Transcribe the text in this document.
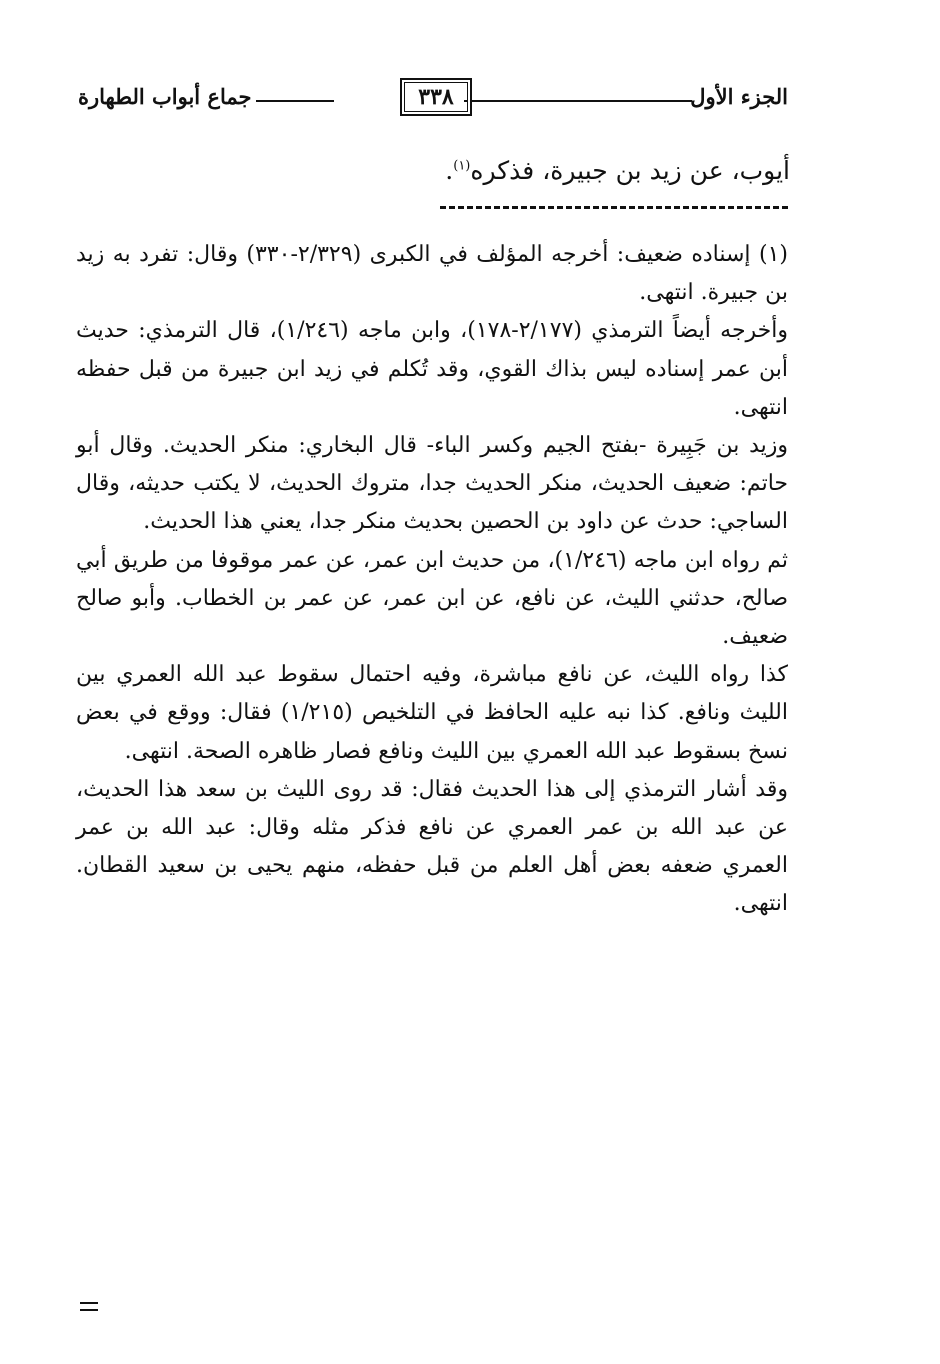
الجزء الأول
٣٣٨
جماع أبواب الطهارة
أيوب، عن زيد بن جبيرة، فذكره$^{(١)}$.

(١) إسناده ضعيف: أخرجه المؤلف في الكبرى (٢/٣٢٩-٣٣٠) وقال: تفرد به زيد بن جبيرة. انتهى.

وأخرجه أيضاً الترمذي (٢/١٧٧-١٧٨)، وابن ماجه (١/٢٤٦)، قال الترمذي: حديث أبن عمر إسناده ليس بذاك القوي، وقد تُكلم في زيد ابن جبيرة من قبل حفظه انتهى.

وزيد بن جَبِيرة -بفتح الجيم وكسر الباء- قال البخاري: منكر الحديث. وقال أبو حاتم: ضعيف الحديث، منكر الحديث جدا، متروك الحديث، لا يكتب حديثه، وقال الساجي: حدث عن داود بن الحصين بحديث منكر جدا، يعني هذا الحديث.

ثم رواه ابن ماجه (١/٢٤٦)، من حديث ابن عمر، عن عمر موقوفا من طريق أبي صالح، حدثني الليث، عن نافع، عن ابن عمر، عن عمر بن الخطاب. وأبو صالح ضعيف.

كذا رواه الليث، عن نافع مباشرة، وفيه احتمال سقوط عبد الله العمري بين الليث ونافع. كذا نبه عليه الحافظ في التلخيص (١/٢١٥) فقال: ووقع في بعض نسخ بسقوط عبد الله العمري بين الليث ونافع فصار ظاهره الصحة. انتهى.

وقد أشار الترمذي إلى هذا الحديث فقال: قد روى الليث بن سعد هذا الحديث، عن عبد الله بن عمر العمري عن نافع فذكر مثله وقال: عبد الله بن عمر العمري ضعفه بعض أهل العلم من قبل حفظه، منهم يحيى بن سعيد القطان. انتهى.
